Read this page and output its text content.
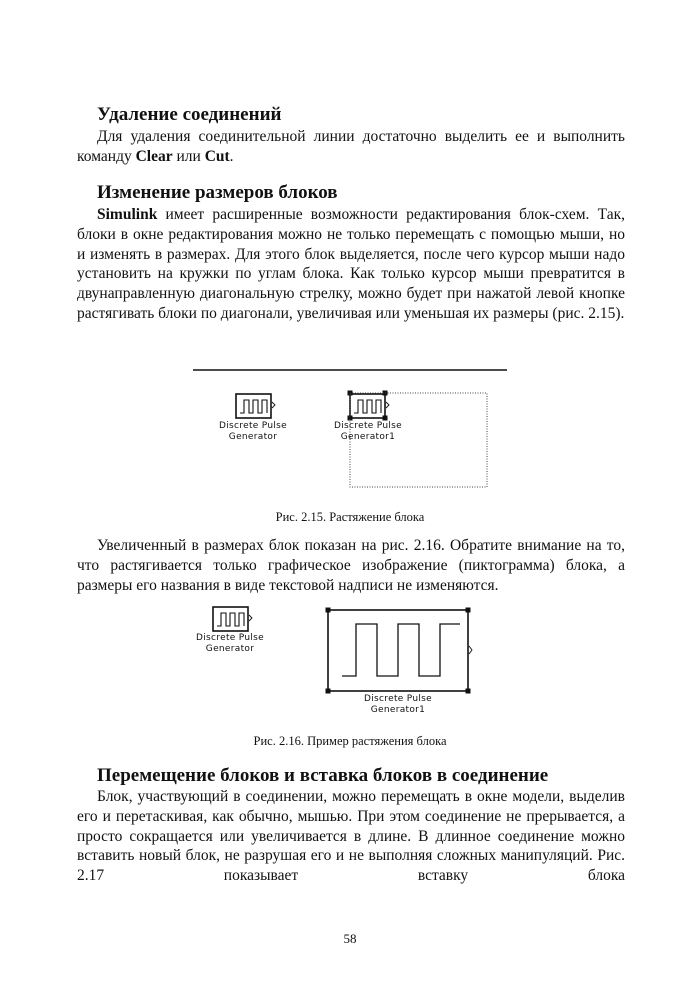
Удаление соединений

Для удаления соединительной линии достаточно выделить ее и выполнить команду Clear или Cut.

Изменение размеров блоков

Simulink имеет расширенные возможности редактирования блок-схем. Так, блоки в окне редактирования можно не только перемещать с помощью мыши, но и изменять в размерах. Для этого блок выделяется, после чего курсор мыши надо установить на кружки по углам блока. Как только курсор мыши превратится в двунаправленную диагональную стрелку, можно будет при нажатой левой кнопке растягивать блоки по диагонали, увеличивая или уменьшая их размеры (рис. 2.15).

Discrete Pulse
Generator
Discrete Pulse
Generator1

Рис. 2.15. Растяжение блока

Увеличенный в размерах блок показан на рис. 2.16. Обратите внимание на то, что растягивается только графическое изображение (пиктограмма) блока, а размеры его названия в виде текстовой надписи не изменяются.

Discrete Pulse
Generator
Discrete Pulse
Generator1

Рис. 2.16. Пример растяжения блока

Перемещение блоков и вставка блоков в соединение

Блок, участвующий в соединении, можно перемещать в окне модели, выделив его и перетаскивая, как обычно, мышью. При этом соединение не прерывается, а просто сокращается или увеличивается в длине. В длинное соединение можно вставить новый блок, не разрушая его и не выполняя сложных манипуляций. Рис. 2.17 показывает вставку блока

58
